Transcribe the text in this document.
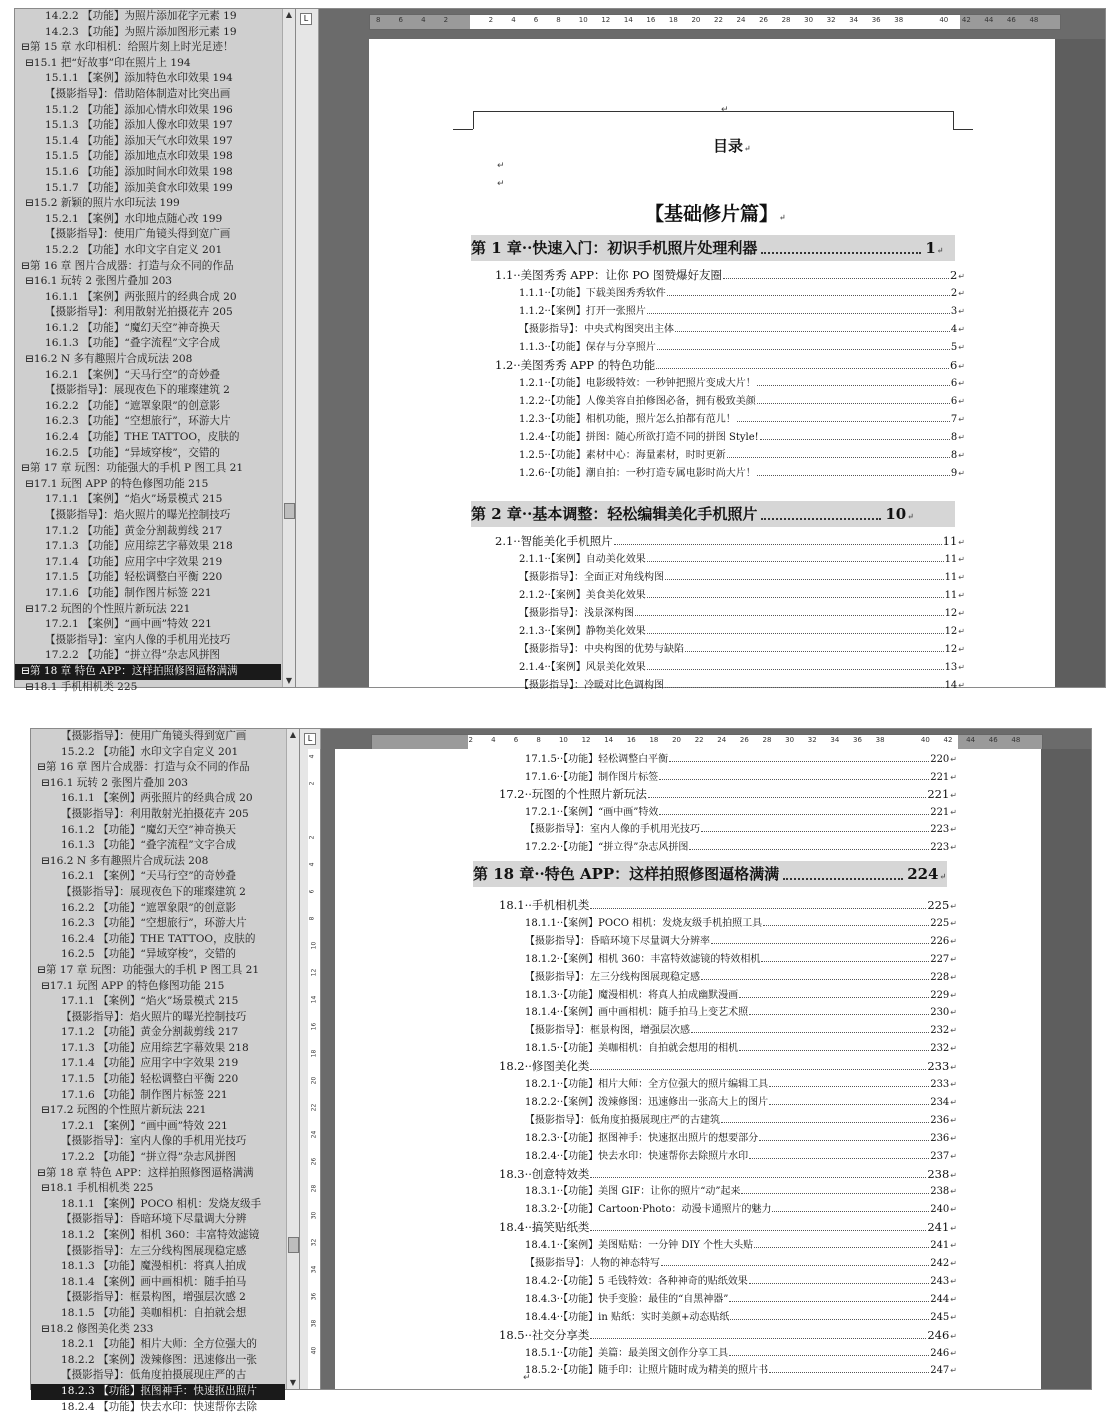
14.2.2 【功能】为照片添加花字元素 19
14.2.3 【功能】为照片添加图形元素 19
⊟第 15 章 水印相机：给照片刻上时光足迹！
⊟15.1 把“好故事”印在照片上 194
15.1.1 【案例】添加特色水印效果 194
【摄影指导】：借助陪体制造对比突出画
15.1.2 【功能】添加心情水印效果 196
15.1.3 【功能】添加人像水印效果 197
15.1.4 【功能】添加天气水印效果 197
15.1.5 【功能】添加地点水印效果 198
15.1.6 【功能】添加时间水印效果 198
15.1.7 【功能】添加美食水印效果 199
⊟15.2 新颖的照片水印玩法 199
15.2.1 【案例】水印地点随心改 199
【摄影指导】：使用广角镜头得到宽广画
15.2.2 【功能】水印文字自定义 201
⊟第 16 章 图片合成器：打造与众不同的作品
⊟16.1 玩转 2 张图片叠加 203
16.1.1 【案例】两张照片的经典合成 20
【摄影指导】：利用散射光拍摄花卉 205
16.1.2 【功能】“魔幻天空”神奇换天
16.1.3 【功能】“叠字流程”文字合成
⊟16.2 N 多有趣照片合成玩法 208
16.2.1 【案例】“天马行空”的奇妙叠
【摄影指导】：展现夜色下的璀璨建筑 2
16.2.2 【功能】“遮罩象限”的创意影
16.2.3 【功能】“空想旅行”，环游大片
16.2.4 【功能】THE TATTOO，皮肤的
16.2.5 【功能】“异域穿梭”，交错的
⊟第 17 章 玩图：功能强大的手机 P 图工具 21
⊟17.1 玩图 APP 的特色修图功能 215
17.1.1 【案例】“焰火”场景模式 215
【摄影指导】：焰火照片的曝光控制技巧
17.1.2 【功能】黄金分割裁剪线 217
17.1.3 【功能】应用综艺字幕效果 218
17.1.4 【功能】应用字中字效果 219
17.1.5 【功能】轻松调整白平衡 220
17.1.6 【功能】制作图片标签 221
⊟17.2 玩图的个性照片新玩法 221
17.2.1 【案例】“画中画”特效 221
【摄影指导】：室内人像的手机用光技巧
17.2.2 【功能】“拼立得”杂志风拼图
⊟第 18 章 特色 APP：这样拍照修图逼格满满
⊟18.1 手机相机类 225
▲
▼
L	8	6	4	2	2	4	6	8	10 12 14 16 18 20 22 24 26 28 30 32 34 36 38	40 42 44 46 48
↵
目录↵
↵
↵
【基础修片篇】↵
第 1 章··快速入门：初识手机照片处理利器	1↵
1.1··美图秀秀 APP：让你 PO 图赞爆好友圈	2 ↵
1.1.1··【功能】下载美图秀秀软件	2 ↵
1.1.2··【案例】打开一张照片	3 ↵
【摄影指导】：中央式构图突出主体	4 ↵
1.1.3··【功能】保存与分享照片	5 ↵
1.2··美图秀秀 APP 的特色功能	6 ↵
1.2.1··【功能】电影级特效：一秒钟把照片变成大片！	6 ↵
1.2.2··【功能】人像美容自拍修图必备，拥有极致美颜	6 ↵
1.2.3··【功能】相机功能，照片怎么拍都有范儿！	7 ↵
1.2.4··【功能】拼图：随心所欲打造不同的拼图 Style!	8 ↵
1.2.5··【功能】素材中心：海量素材，时时更新	8 ↵
1.2.6··【功能】潮自拍：一秒打造专属电影时尚大片！	9 ↵
第 2 章··基本调整：轻松编辑美化手机照片	10↵
2.1··智能美化手机照片	11 ↵
2.1.1··【案例】自动美化效果	11 ↵
【摄影指导】：全面正对角线构图	11 ↵
2.1.2··【案例】美食美化效果	11 ↵
【摄影指导】：浅景深构图	12 ↵
2.1.3··【案例】静物美化效果	12 ↵
【摄影指导】：中央构图的优势与缺陷	12 ↵
2.1.4··【案例】风景美化效果	13 ↵
【摄影指导】：冷暖对比色调构图	14 ↵
【摄影指导】：使用广角镜头得到宽广画
15.2.2 【功能】水印文字自定义 201
⊟第 16 章 图片合成器：打造与众不同的作品
⊟16.1 玩转 2 张图片叠加 203
16.1.1 【案例】两张照片的经典合成 20
【摄影指导】：利用散射光拍摄花卉 205
16.1.2 【功能】“魔幻天空”神奇换天
16.1.3 【功能】“叠字流程”文字合成
⊟16.2 N 多有趣照片合成玩法 208
16.2.1 【案例】“天马行空”的奇妙叠
【摄影指导】：展现夜色下的璀璨建筑 2
16.2.2 【功能】“遮罩象限”的创意影
16.2.3 【功能】“空想旅行”，环游大片
16.2.4 【功能】THE TATTOO，皮肤的
16.2.5 【功能】“异域穿梭”，交错的
⊟第 17 章 玩图：功能强大的手机 P 图工具 21
⊟17.1 玩图 APP 的特色修图功能 215
17.1.1 【案例】“焰火”场景模式 215
【摄影指导】：焰火照片的曝光控制技巧
17.1.2 【功能】黄金分割裁剪线 217
17.1.3 【功能】应用综艺字幕效果 218
17.1.4 【功能】应用字中字效果 219
17.1.5 【功能】轻松调整白平衡 220
17.1.6 【功能】制作图片标签 221
⊟17.2 玩图的个性照片新玩法 221
17.2.1 【案例】“画中画”特效 221
【摄影指导】：室内人像的手机用光技巧
17.2.2 【功能】“拼立得”杂志风拼图
⊟第 18 章 特色 APP：这样拍照修图逼格满满
⊟18.1 手机相机类 225
18.1.1 【案例】POCO 相机：发烧友级手
【摄影指导】：昏暗环境下尽量调大分辨
18.1.2 【案例】相机 360：丰富特效滤镜
【摄影指导】：左三分线构图展现稳定感
18.1.3 【功能】魔漫相机：将真人拍成
18.1.4 【案例】画中画相机：随手拍马
【摄影指导】：框景构图，增强层次感 2
18.1.5 【功能】美咖相机：自拍就会想
⊟18.2 修图美化类 233
18.2.1 【功能】相片大师：全方位强大的
18.2.2 【案例】泼辣修图：迅速修出一张
【摄影指导】：低角度拍摄展现庄严的古
18.2.3 【功能】抠图神手：快速抠出照片
18.2.4 【功能】快去水印：快速帮你去除
▲
▼
L
4
2
2
4
6
8
10
12
14
16
18
20
22
24
26
28
30
32
34
36
38
40
2	4	6	8	10 12 14 16 18 20 22 24 26 28 30 32 34 36 38	40 42 44 46 48
17.1.5··【功能】轻松调整白平衡	220 ↵
17.1.6··【功能】制作图片标签	221 ↵
17.2··玩图的个性照片新玩法	221 ↵
17.2.1··【案例】“画中画”特效	221 ↵
【摄影指导】：室内人像的手机用光技巧	223 ↵
17.2.2··【功能】“拼立得”杂志风拼图	223 ↵
第 18 章··特色 APP：这样拍照修图逼格满满	224↵
18.1··手机相机类	225 ↵
18.1.1··【案例】POCO 相机：发烧友级手机拍照工具	225 ↵
【摄影指导】：昏暗环境下尽量调大分辨率	226 ↵
18.1.2··【案例】相机 360：丰富特效滤镜的特效相机	227 ↵
【摄影指导】：左三分线构图展现稳定感	228 ↵
18.1.3··【功能】魔漫相机：将真人拍成幽默漫画	229 ↵
18.1.4··【案例】画中画相机：随手拍马上变艺术照	230 ↵
【摄影指导】：框景构图，增强层次感	232 ↵
18.1.5··【功能】美咖相机：自拍就会想用的相机	232 ↵
18.2··修图美化类	233 ↵
18.2.1··【功能】相片大师：全方位强大的照片编辑工具	233 ↵
18.2.2··【案例】泼辣修图：迅速修出一张高大上的图片	234 ↵
【摄影指导】：低角度拍摄展现庄严的古建筑	236 ↵
18.2.3··【功能】抠图神手：快速抠出照片的想要部分	236 ↵
18.2.4··【功能】快去水印：快速帮你去除照片水印	237 ↵
18.3··创意特效类	238 ↵
18.3.1··【功能】美图 GIF：让你的照片“动”起来	238 ↵
18.3.2··【功能】Cartoon·Photo：动漫卡通照片的魅力	240 ↵
18.4··搞笑贴纸类	241 ↵
18.4.1··【案例】美图贴贴：一分钟 DIY 个性大头贴	241 ↵
【摄影指导】：人物的神态特写	242 ↵
18.4.2··【功能】5 毛钱特效：各种神奇的贴纸效果	243 ↵
18.4.3··【功能】快手变脸：最佳的“自黑神器”	244 ↵
18.4.4··【功能】in 贴纸：实时美颜+动态贴纸	245 ↵
18.5··社交分享类	246 ↵
18.5.1··【功能】美篇：最美图文创作分享工具	246 ↵
18.5.2··【功能】随手印：让照片随时成为精美的照片书	247 ↵
↵
